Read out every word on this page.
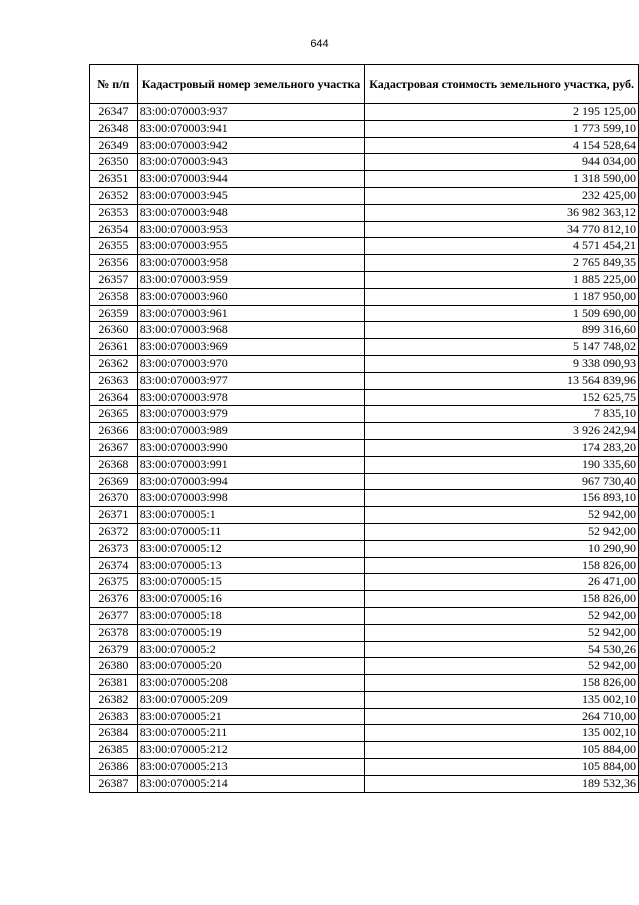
644
№ п/п	Кадастровый номер земельного участка	Кадастровая стоимость земельного участка, руб.
26347	83:00:070003:937	2 195 125,00
26348	83:00:070003:941	1 773 599,10
26349	83:00:070003:942	4 154 528,64
26350	83:00:070003:943	944 034,00
26351	83:00:070003:944	1 318 590,00
26352	83:00:070003:945	232 425,00
26353	83:00:070003:948	36 982 363,12
26354	83:00:070003:953	34 770 812,10
26355	83:00:070003:955	4 571 454,21
26356	83:00:070003:958	2 765 849,35
26357	83:00:070003:959	1 885 225,00
26358	83:00:070003:960	1 187 950,00
26359	83:00:070003:961	1 509 690,00
26360	83:00:070003:968	899 316,60
26361	83:00:070003:969	5 147 748,02
26362	83:00:070003:970	9 338 090,93
26363	83:00:070003:977	13 564 839,96
26364	83:00:070003:978	152 625,75
26365	83:00:070003:979	7 835,10
26366	83:00:070003:989	3 926 242,94
26367	83:00:070003:990	174 283,20
26368	83:00:070003:991	190 335,60
26369	83:00:070003:994	967 730,40
26370	83:00:070003:998	156 893,10
26371	83:00:070005:1	52 942,00
26372	83:00:070005:11	52 942,00
26373	83:00:070005:12	10 290,90
26374	83:00:070005:13	158 826,00
26375	83:00:070005:15	26 471,00
26376	83:00:070005:16	158 826,00
26377	83:00:070005:18	52 942,00
26378	83:00:070005:19	52 942,00
26379	83:00:070005:2	54 530,26
26380	83:00:070005:20	52 942,00
26381	83:00:070005:208	158 826,00
26382	83:00:070005:209	135 002,10
26383	83:00:070005:21	264 710,00
26384	83:00:070005:211	135 002,10
26385	83:00:070005:212	105 884,00
26386	83:00:070005:213	105 884,00
26387	83:00:070005:214	189 532,36
